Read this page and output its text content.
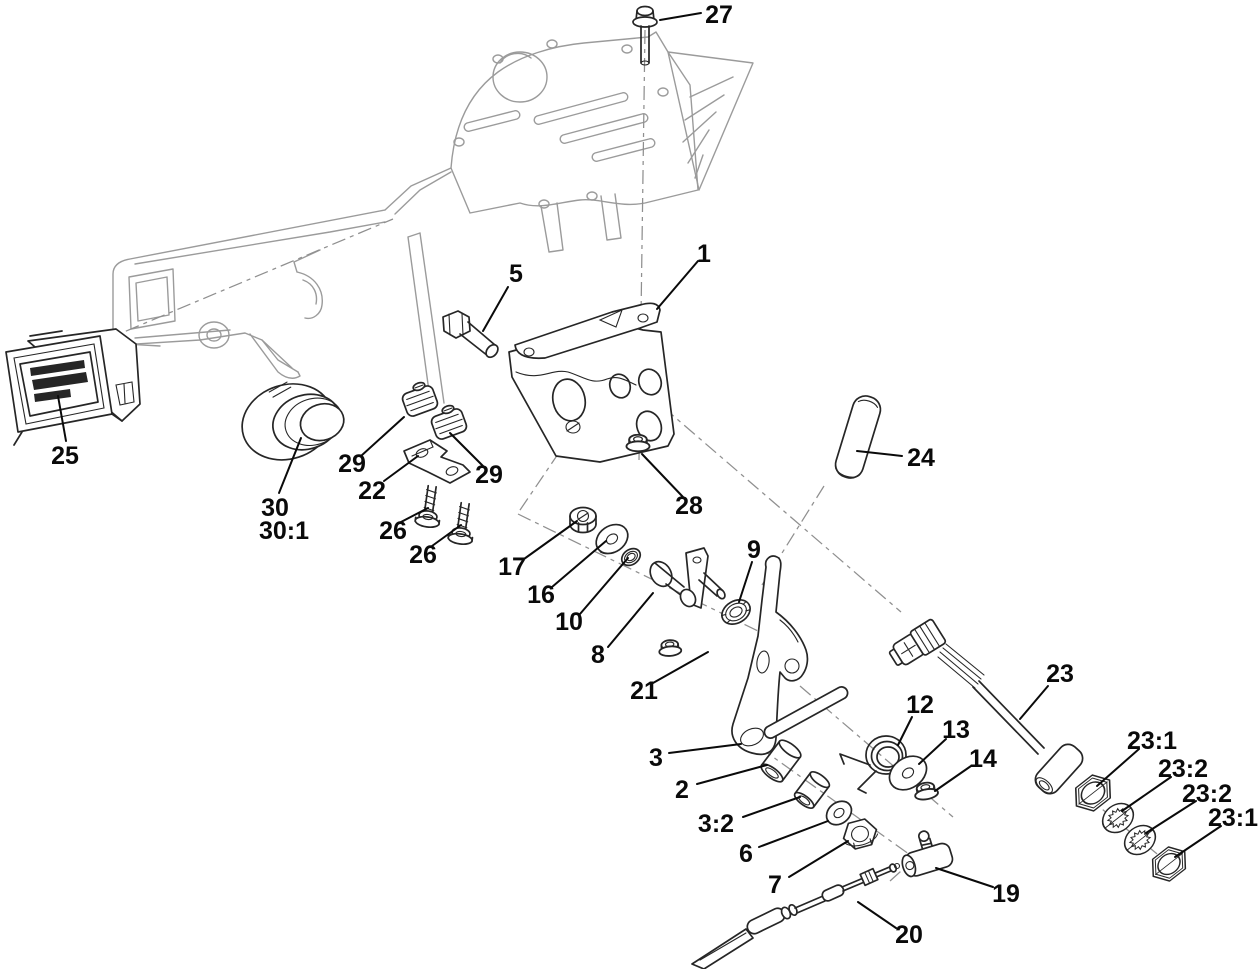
27
1
5
25
30
30:1
29	29
22
26
26 17
16
10
8
21
9
28
24
23
23:1
23:2
23:2
23:1
12
13
14
3
2
3:2
6
7	19
20
